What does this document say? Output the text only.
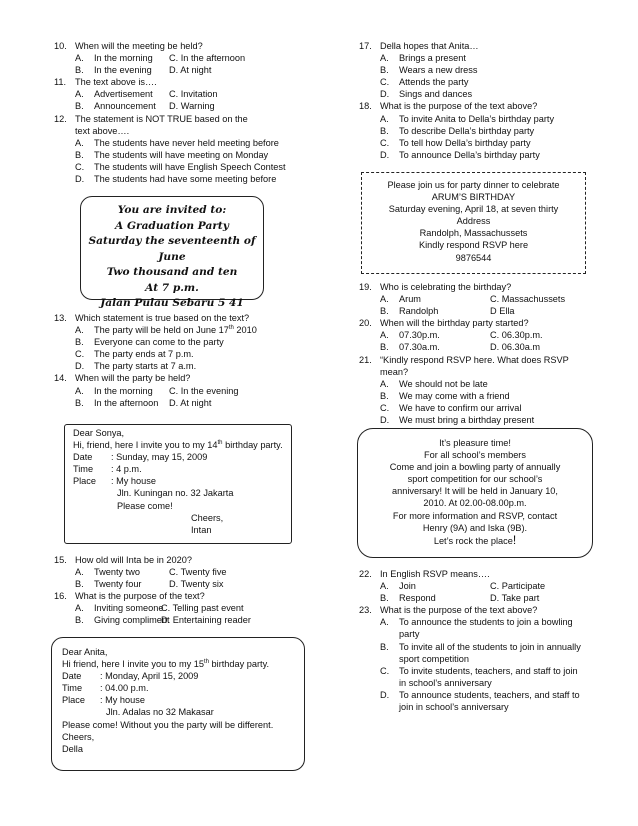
10. When will the meeting be held?
A.	In the morning C. In the afternoon
B.	In the evening D. At night
11. The text above is….
A.	Advertisement C. Invitation
B.	Announcement D. Warning
12. The statement is NOT TRUE based on the text above….
A.	The students have never held meeting before
B.	The students will have meeting on Monday
C.	The students will have English Speech Contest
D.	The students had have some meeting before
You are invited to:
A Graduation Party
Saturday the seventeenth of June
Two thousand and ten
At 7 p.m.
Jalan Pulau Sebaru 5 41
13. Which statement is true based on the text?
A.	The party will be held on June 17th 2010
B.	Everyone can come to the party
C.	The party ends at 7 p.m.
D.	The party starts at 7 a.m.
14. When will the party be held?
A.	In the morning C. In the evening
B.	In the afternoon D. At night
Dear Sonya,
Hi, friend, here I invite you to my 14th birthday party.
Date	: Sunday, may 15, 2009
Time	: 4 p.m.
Place	: My house
Jln. Kuningan no. 32 Jakarta
Please come!
Cheers,
Intan
15. How old will Inta be in 2020?
A.	Twenty two	C. Twenty five
B.	Twenty four	D. Twenty six
16. What is the purpose of the text?
A.	Inviting someone
C. Telling past event
B.	Giving compliment
D. Entertaining reader
Dear Anita,
Hi friend, here I invite you to my 15th birthday party.
Date	: Monday, April 15, 2009
Time	: 04.00 p.m.
Place	: My house
Jln. Adalas no 32 Makasar
Please come! Without you the party will be different.
Cheers,
Della
17. Della hopes that Anita…
A.	Brings a present
B.	Wears a new dress
C.	Attends the party
D.	Sings and dances
18. What is the purpose of the text above?
A.	To invite Anita to Della’s birthday party
B.	To describe Della’s birthday party
C.	To tell how Della’s birthday party
D.	To announce Della’s birthday party
Please join us for party dinner to celebrate
ARUM’S BIRTHDAY
Saturday evening, April 18, at seven thirty
Address
Randolph, Massachussets
Kindly respond RSVP here
9876544
19. Who is celebrating the birthday?
A.	Arum	C. Massachussets
B.	Randolph	D Ella
20. When will the birthday party started?
A.	07.30p.m.	C. 06.30p.m.
B.	07.30a.m.	D. 06.30a.m
21. “Kindly respond RSVP here. What does RSVP mean?
A.	We should not be late
B.	We may come with a friend
C.	We have to confirm our arrival
D.	We must bring a birthday present
It’s pleasure time!
For all school’s members
Come and join a bowling party of annually
sport competition for our school’s
anniversary! It will be held in January 10,
2010. At 02.00-08.00p.m.
For more information and RSVP, contact
Henry (9A) and Iska (9B).
Let’s rock the place!
22. In English RSVP means….
A.	Join	C. Participate
B.	Respond	D. Take part
23. What is the purpose of the text above?
A.	To announce the students to join a bowling party
B.	To invite all of the students to join in annually sport competition
C.	To invite students, teachers, and staff to join in school’s anniversary
D.	To announce students, teachers, and staff to join in school’s anniversary
